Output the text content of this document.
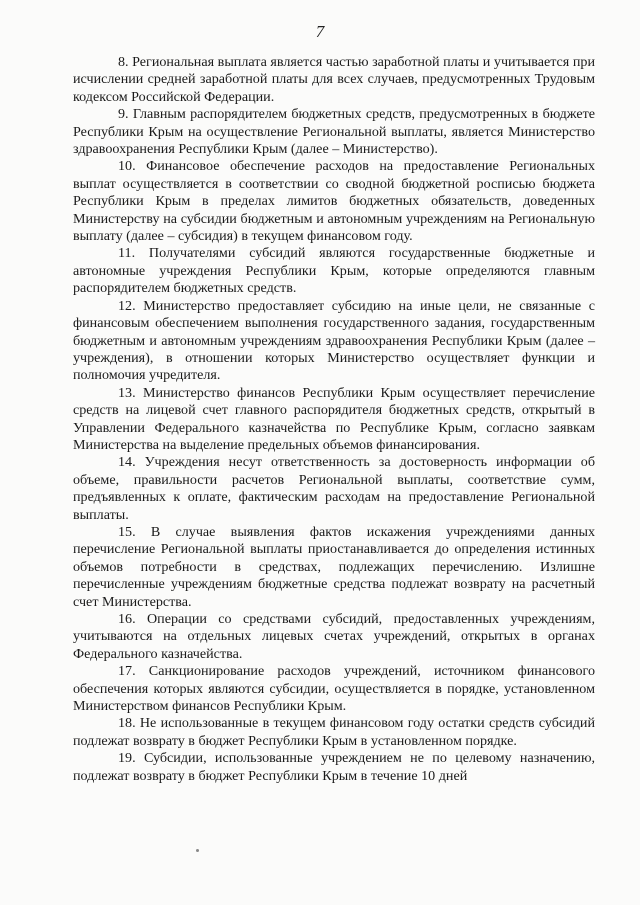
7

8. Региональная выплата является частью заработной платы и учитывается при исчислении средней заработной платы для всех случаев, предусмотренных Трудовым кодексом Российской Федерации.

9. Главным распорядителем бюджетных средств, предусмотренных в бюджете Республики Крым на осуществление Региональной выплаты, является Министерство здравоохранения Республики Крым (далее – Министерство).

10. Финансовое обеспечение расходов на предоставление Региональных выплат осуществляется в соответствии со сводной бюджетной росписью бюджета Республики Крым в пределах лимитов бюджетных обязательств, доведенных Министерству на субсидии бюджетным и автономным учреждениям на Региональную выплату (далее – субсидия) в текущем финансовом году.

11. Получателями субсидий являются государственные бюджетные и автономные учреждения Республики Крым, которые определяются главным распорядителем бюджетных средств.

12. Министерство предоставляет субсидию на иные цели, не связанные с финансовым обеспечением выполнения государственного задания, государственным бюджетным и автономным учреждениям здравоохранения Республики Крым (далее – учреждения), в отношении которых Министерство осуществляет функции и полномочия учредителя.

13. Министерство финансов Республики Крым осуществляет перечисление средств на лицевой счет главного распорядителя бюджетных средств, открытый в Управлении Федерального казначейства по Республике Крым, согласно заявкам Министерства на выделение предельных объемов финансирования.

14. Учреждения несут ответственность за достоверность информации об объеме, правильности расчетов Региональной выплаты, соответствие сумм, предъявленных к оплате, фактическим расходам на предоставление Региональной выплаты.

15. В случае выявления фактов искажения учреждениями данных перечисление Региональной выплаты приостанавливается до определения истинных объемов потребности в средствах, подлежащих перечислению. Излишне перечисленные учреждениям бюджетные средства подлежат возврату на расчетный счет Министерства.

16. Операции со средствами субсидий, предоставленных учреждениям, учитываются на отдельных лицевых счетах учреждений, открытых в органах Федерального казначейства.

17. Санкционирование расходов учреждений, источником финансового обеспечения которых являются субсидии, осуществляется в порядке, установленном Министерством финансов Республики Крым.

18. Не использованные в текущем финансовом году остатки средств субсидий подлежат возврату в бюджет Республики Крым в установленном порядке.

19. Субсидии, использованные учреждением не по целевому назначению, подлежат возврату в бюджет Республики Крым в течение 10 дней
